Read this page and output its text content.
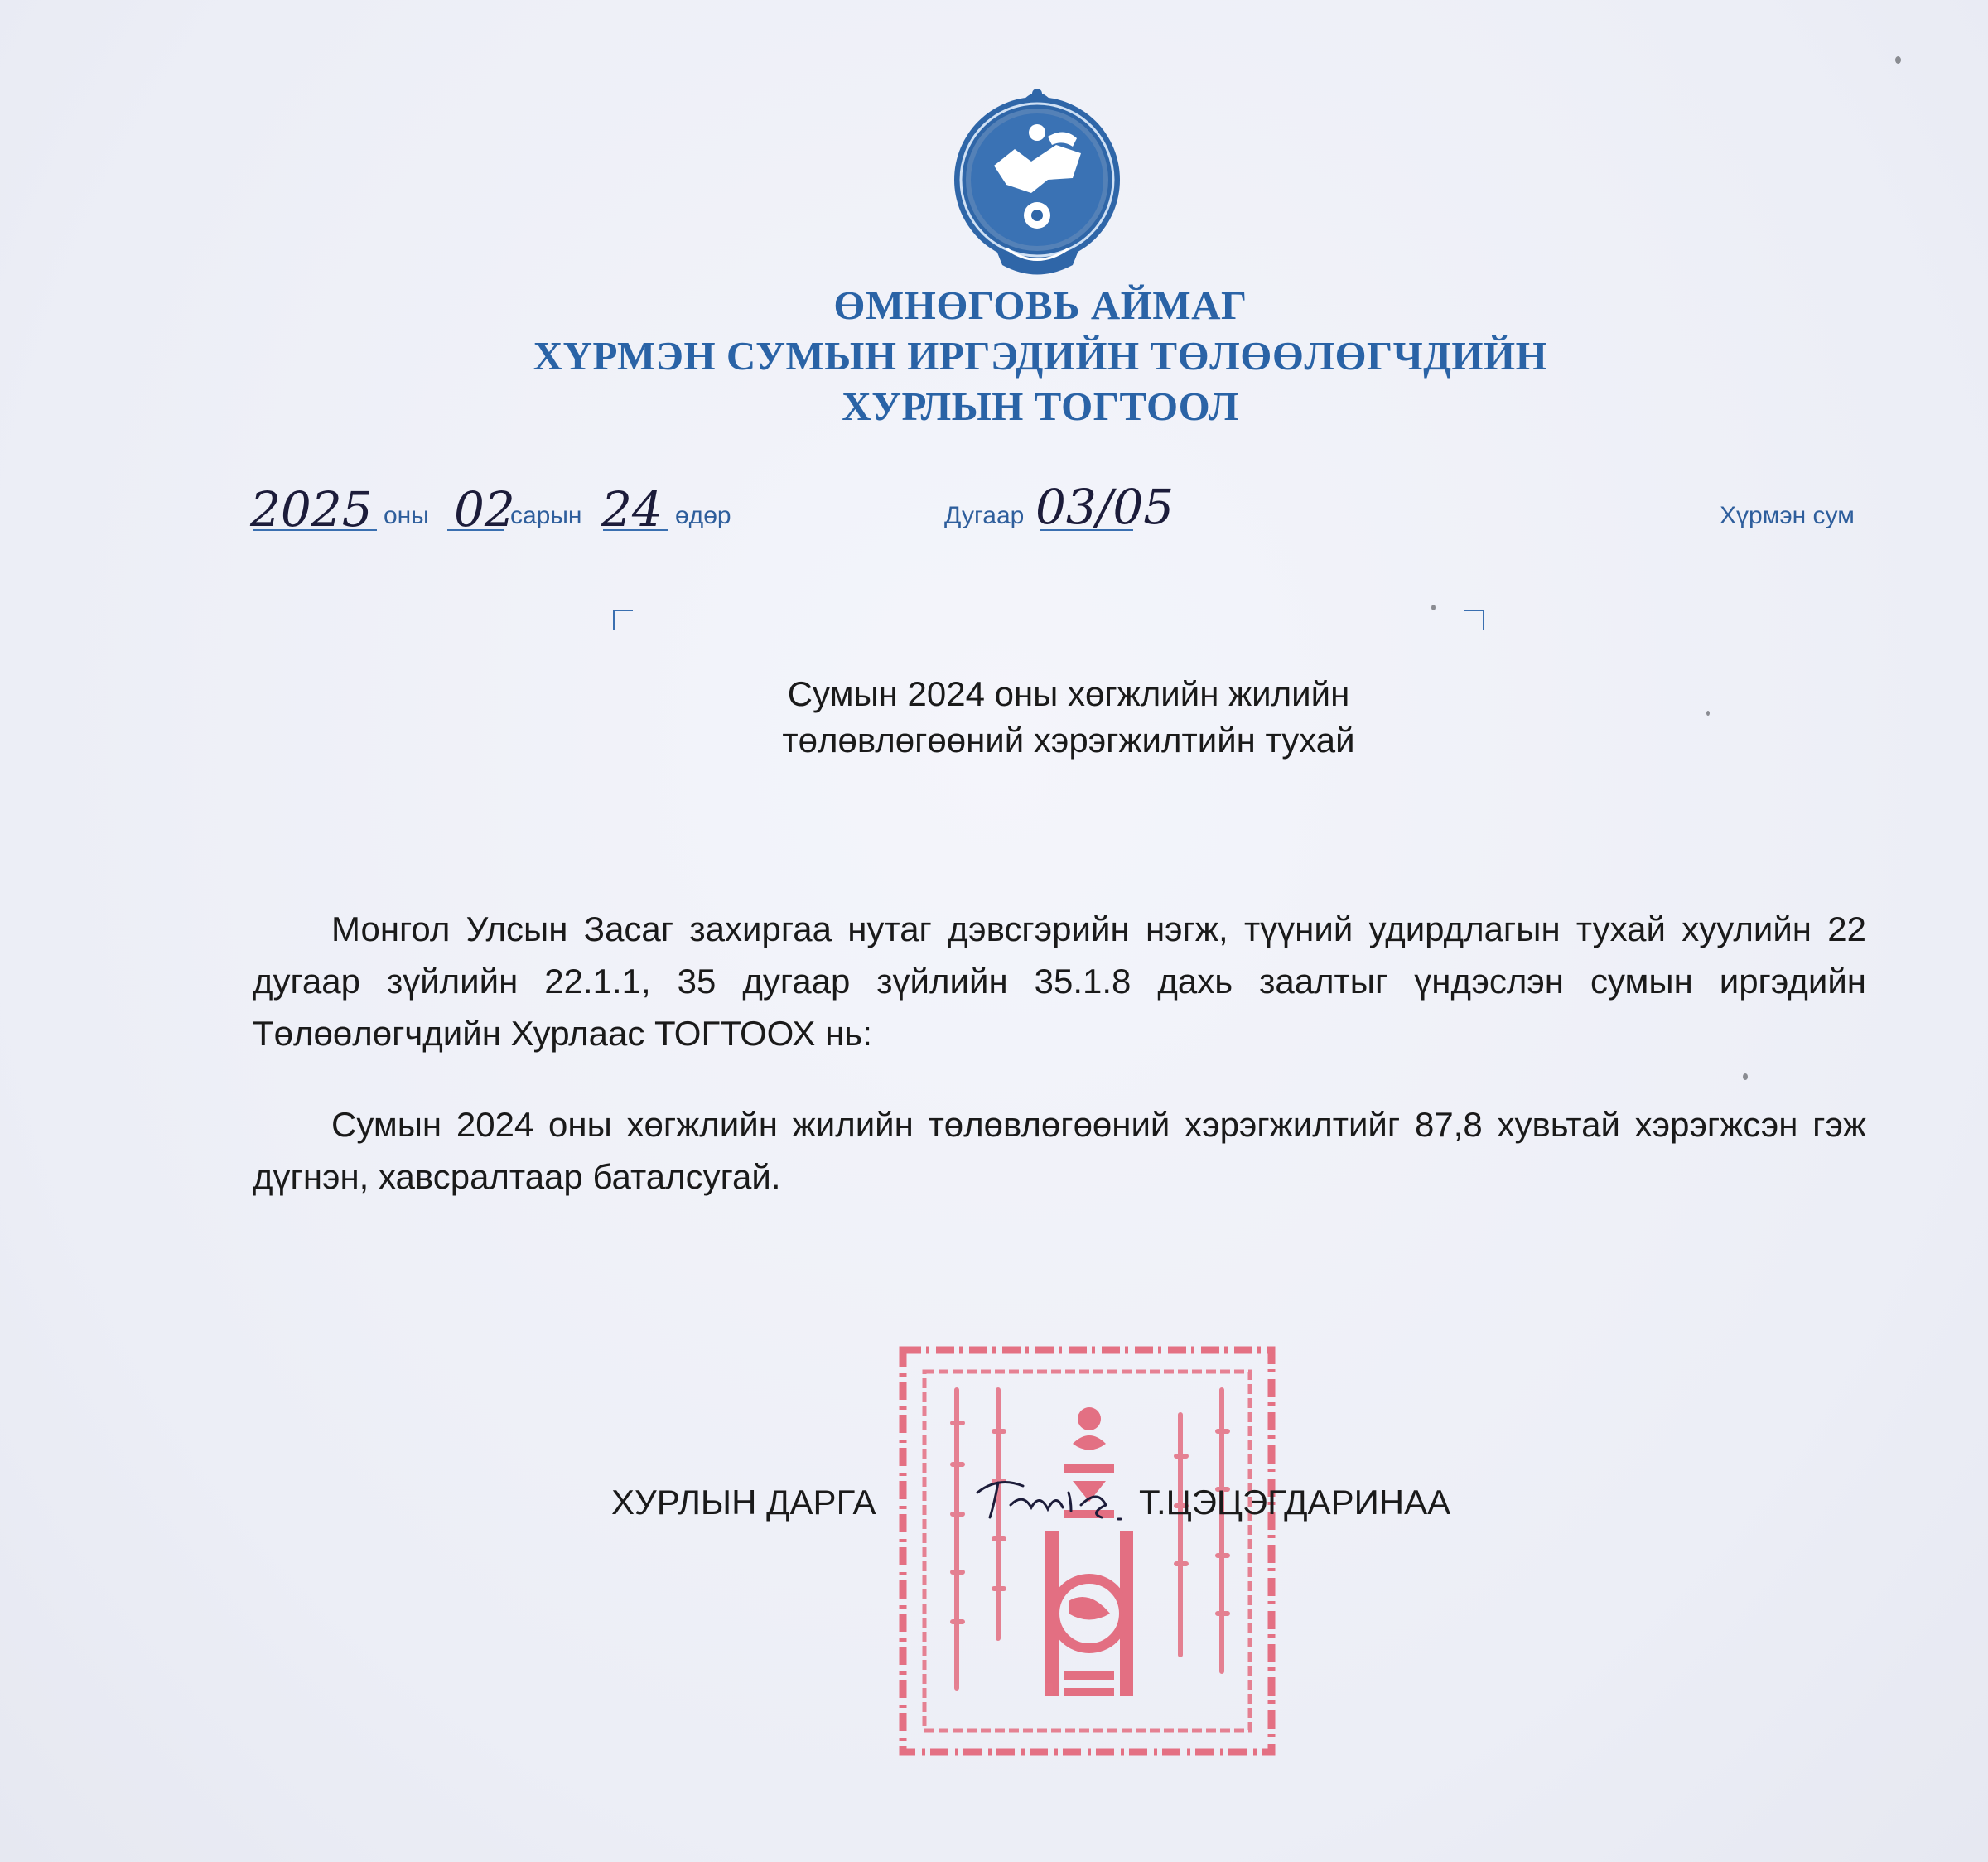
ӨМНӨГОВЬ АЙМАГ
ХҮРМЭН СУМЫН ИРГЭДИЙН ТӨЛӨӨЛӨГЧДИЙН
ХУРЛЫН ТОГТООЛ
2025 оны 02
сарын 24 өдөр	Дугаар 03/05	Хүрмэн сум
Сумын 2024 оны хөгжлийн жилийн
төлөвлөгөөний хэрэгжилтийн тухай
Монгол Улсын Засаг захиргаа нутаг дэвсгэрийн нэгж, түүний удирдлагын тухай хуулийн 22 дугаар зүйлийн 22.1.1, 35 дугаар зүйлийн 35.1.8 дахь заалтыг үндэслэн сумын иргэдийн Төлөөлөгчдийн Хурлаас ТОГТООХ нь:
Сумын 2024 оны хөгжлийн жилийн төлөвлөгөөний хэрэгжилтийг 87,8 хувьтай хэрэгжсэн гэж дүгнэн, хавсралтаар баталсугай.
ХУРЛЫН ДАРГА	Т.ЦЭЦЭГДАРИНАА
